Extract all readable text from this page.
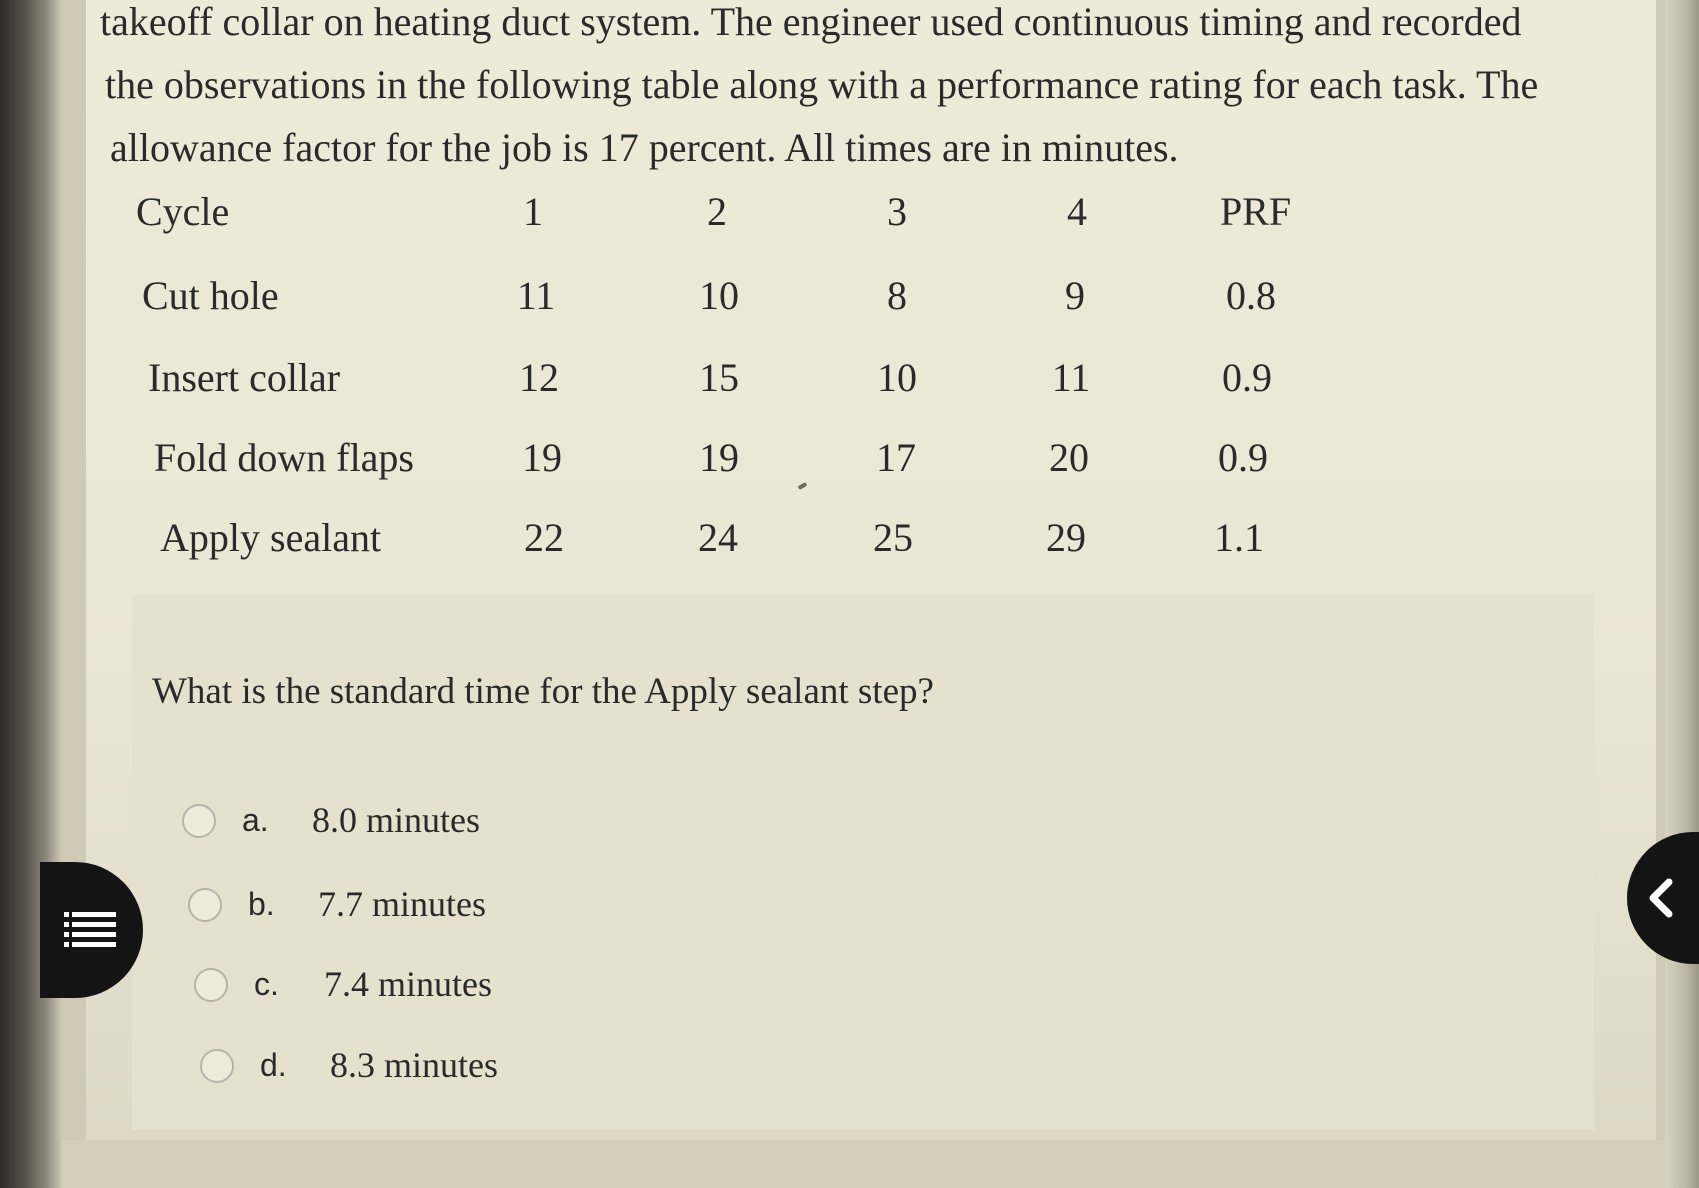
takeoff collar on heating duct system. The engineer used continuous timing and recorded
the observations in the following table along with a performance rating for each task. The
allowance factor for the job is 17 percent. All times are in minutes.
Cycle	1	2	3	4	PRF
Cut hole	11	10	8	9	0.8
Insert collar	12	15	10	11	0.9
Fold down flaps	19	19	17	20	0.9
Apply sealant	22	24	25	29	1.1
What is the standard time for the Apply sealant step?
a. 8.0 minutes
b. 7.7 minutes
c. 7.4 minutes
d. 8.3 minutes
